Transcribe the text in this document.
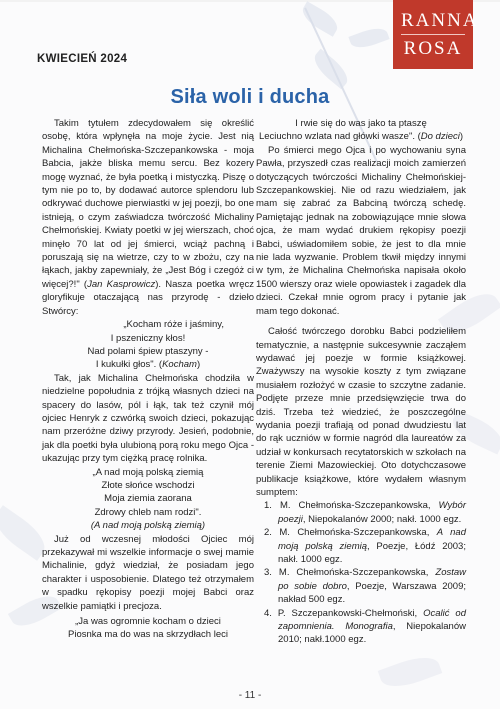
RANNA
ROSA
KWIECIEŃ 2024
Siła woli i ducha

Takim tytułem zdecydowałem się określić osobę, która wpłynęła na moje życie. Jest nią Michalina Chełmońska-Szczepankowska - moja Babcia, jakże bliska memu sercu. Bez kozery mogę wyznać, że była poetką i mistyczką. Piszę o tym nie po to, by dodawać autorce splendoru lub odkrywać duchowe pierwiastki w jej poezji, bo one istnieją, o czym zaświadcza twórczość Michaliny Chełmońskiej. Kwiaty poetki w jej wierszach, choć minęło 70 lat od jej śmierci, wciąż pachną i poruszają się na wietrze, czy to w zbożu, czy na łąkach, jakby zapewniały, że „Jest Bóg i czegóż ci więcej?!" (Jan Kasprowicz). Nasza poetka wręcz gloryfikuje otaczającą nas przyrodę - dzieło Stwórcy:

„Kocham róże i jaśminy,

I pszeniczny kłos!

Nad polami śpiew ptaszyny -

I kukułki głos". (Kocham)

Tak, jak Michalina Chełmońska chodziła w niedzielne popołudnia z trójką własnych dzieci na spacery do lasów, pól i łąk, tak też czynił mój ojciec Henryk z czwórką swoich dzieci, pokazując nam przeróżne dziwy przyrody. Jesień, podobnie, jak dla poetki była ulubioną porą roku mego Ojca - ukazując przy tym ciężką pracę rolnika.

„A nad moją polską ziemią

Złote słońce wschodzi

Moja ziemia zaorana

Zdrowy chleb nam rodzi".

(A nad moją polską ziemią)

Już od wczesnej młodości Ojciec mój przekazywał mi wszelkie informacje o swej mamie Michalinie, gdyż wiedział, że posiadam jego charakter i usposobienie. Dlatego też otrzymałem w spadku rękopisy poezji mojej Babci oraz wszelkie pamiątki i precjoza.

„Ja was ogromnie kocham o dzieci

Piosnka ma do was na skrzydłach leci

I rwie się do was jako ta ptaszę

Leciuchno wzlata nad główki wasze". (Do dzieci)

Po śmierci mego Ojca i po wychowaniu syna Pawła, przyszedł czas realizacji moich zamierzeń dotyczących twórczości Michaliny Chełmońskiej-Szczepankowskiej. Nie od razu wiedziałem, jak mam się zabrać za Babciną twórczą schedę. Pamiętając jednak na zobowiązujące mnie słowa ojca, że mam wydać drukiem rękopisy poezji Babci, uświadomiłem sobie, że jest to dla mnie nie lada wyzwanie. Problem tkwił między innymi w tym, że Michalina Chełmońska napisała około 1500 wierszy oraz wiele opowiastek i zagadek dla dzieci. Czekał mnie ogrom pracy i pytanie jak mam tego dokonać.

Całość twórczego dorobku Babci podzieliłem tematycznie, a następnie sukcesywnie zacząłem wydawać jej poezje w formie książkowej. Zważywszy na wysokie koszty z tym związane musiałem rozłożyć w czasie to szczytne zadanie. Podjęte przeze mnie przedsięwzięcie trwa do dziś. Trzeba też wiedzieć, że poszczególne wydania poezji trafiają od ponad dwudziestu lat do rąk uczniów w formie nagród dla laureatów za udział w konkursach recytatorskich w szkołach na terenie Ziemi Mazowieckiej. Oto dotychczasowe publikacje książkowe, które wydałem własnym sumptem:

1. M. Chełmońska-Szczepankowska, Wybór poezji, Niepokalanów 2000; nakł. 1000 egz.
2. M. Chełmońska-Szczepankowska, A nad moją polską ziemią, Poezje, Łódź 2003; nakł. 1000 egz.
3. M. Chełmońska-Szczepankowska, Zostaw po sobie dobro, Poezje, Warszawa 2009; nakład 500 egz.
4. P. Szczepankowski-Chełmoński, Ocalić od zapomnienia. Monografia, Niepokalanów 2010; nakł.1000 egz.
- 11 -
